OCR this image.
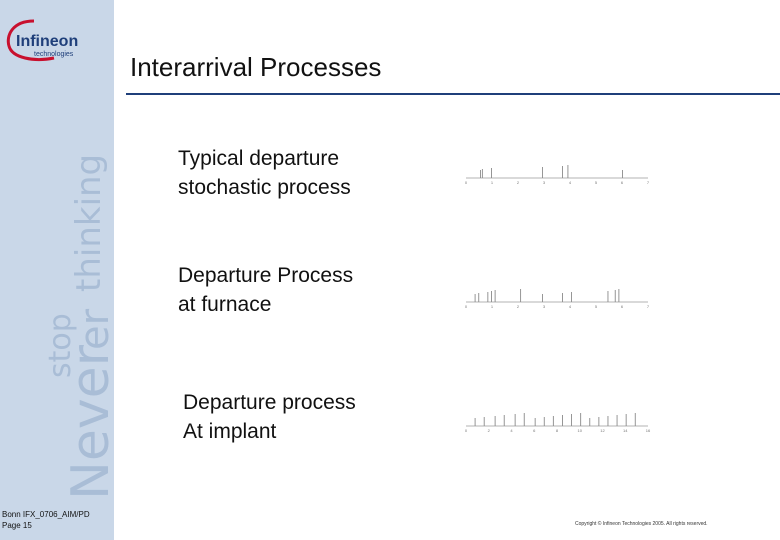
Never
er
stop
thinking
Infineon
technologies
Bonn IFX_0706_AIM/PD
Page 15
Interarrival Processes
Typical departure
stochastic process	0	1	2	3	4	5	6	7
Departure Process
at furnace	0	1	2	3	4	5	6	7
Departure process
At implant	0	2	4	6	8	10	12	14	16
Copyright © Infineon Technologies 2005. All rights reserved.
